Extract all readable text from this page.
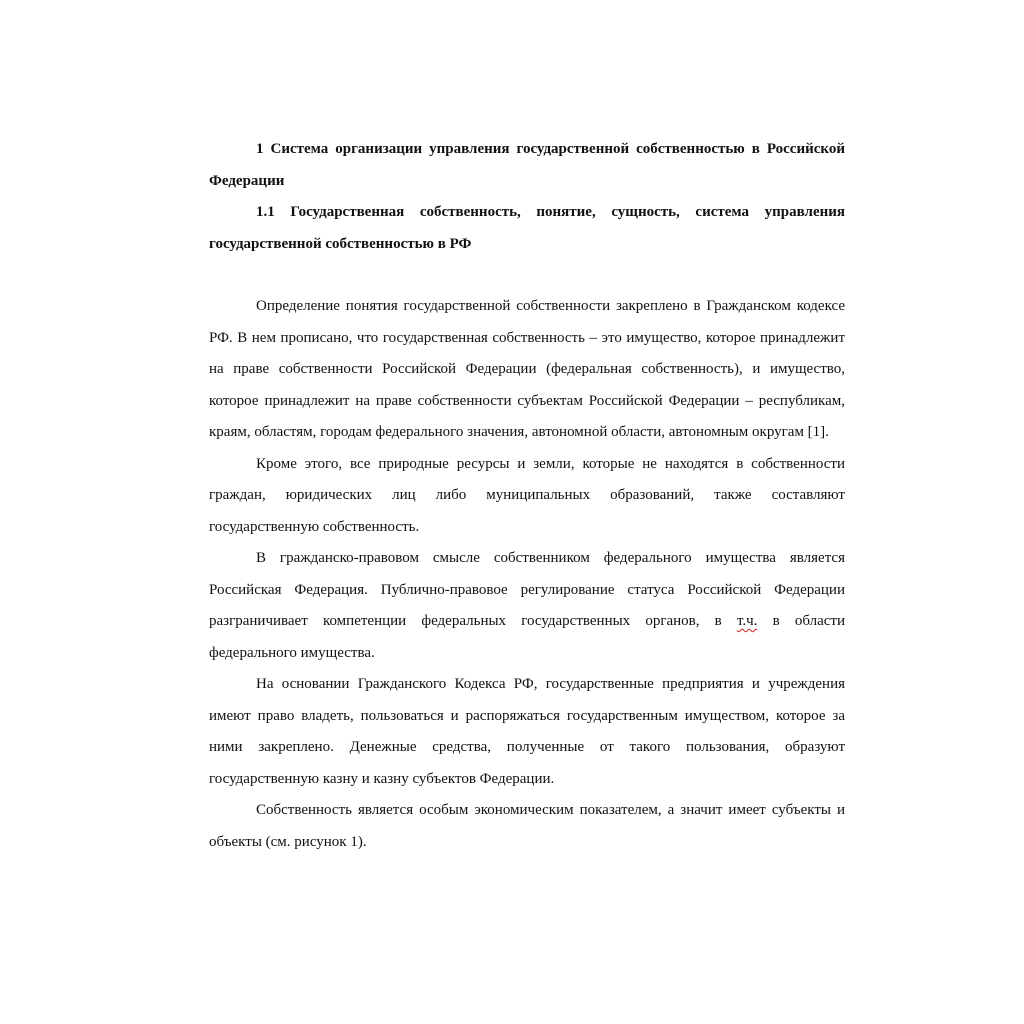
1 Система организации управления государственной собственностью в Российской Федерации

1.1 Государственная собственность, понятие, сущность, система управления государственной собственностью в РФ

Определение понятия государственной собственности закреплено в Гражданском кодексе РФ. В нем прописано, что государственная собственность – это имущество, которое принадлежит на праве собственности Российской Федерации (федеральная собственность), и имущество, которое принадлежит на праве собственности субъектам Российской Федерации – республикам, краям, областям, городам федерального значения, автономной области, автономным округам [1].

Кроме этого, все природные ресурсы и земли, которые не находятся в собственности граждан, юридических лиц либо муниципальных образований, также составляют государственную собственность.

В гражданско-правовом смысле собственником федерального имущества является Российская Федерация. Публично-правовое регулирование статуса Российской Федерации разграничивает компетенции федеральных государственных органов, в т.ч. в области федерального имущества.

На основании Гражданского Кодекса РФ, государственные предприятия и учреждения имеют право владеть, пользоваться и распоряжаться государственным имуществом, которое за ними закреплено. Денежные средства, полученные от такого пользования, образуют государственную казну и казну субъектов Федерации.

Собственность является особым экономическим показателем, а значит имеет субъекты и объекты (см. рисунок 1).
